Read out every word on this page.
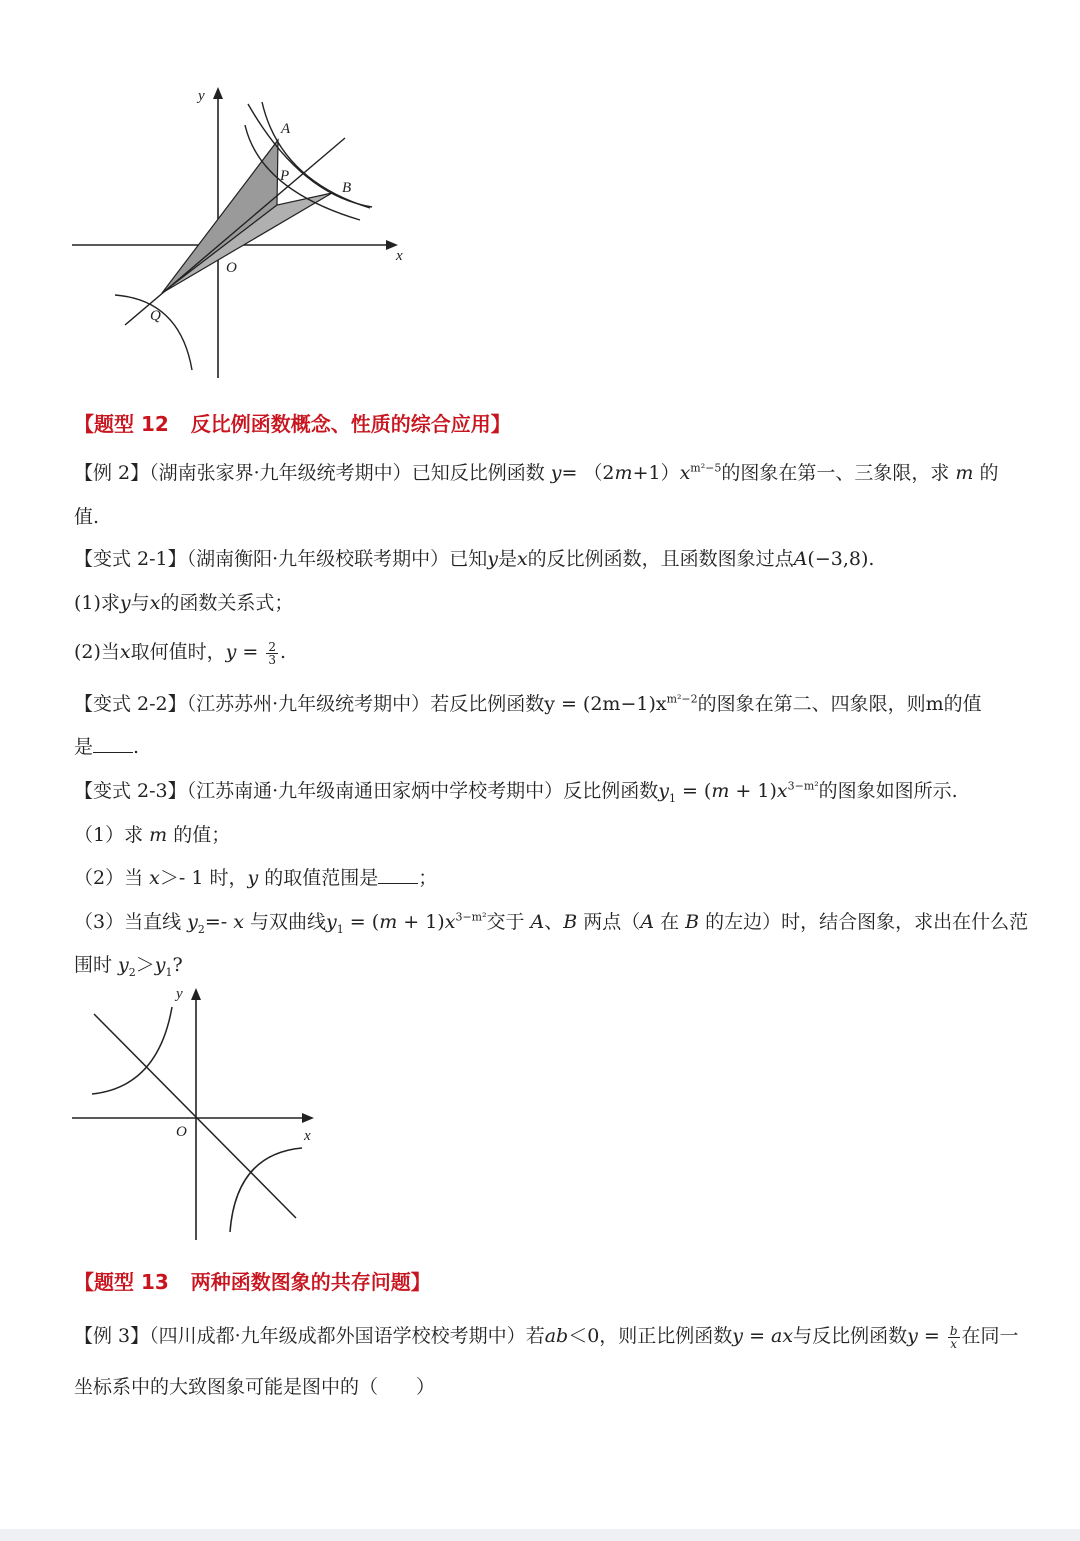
y
x
O
A
B
P
Q
【题型 12 反比例函数概念、性质的综合应用】
【例 2】（湖南张家界·九年级统考期中）已知反比例函数 $y= (2m+1)x^{m^2-5}$的图象在第一、三象限，求 m 的
值.
【变式 2-1】（湖南衡阳·九年级校联考期中）已知y是x的反比例函数，且函数图象过点A(−3,8).
(1)求y与x的函数关系式；
(2)当x取何值时，$y = \frac{2}{3}$ .
【变式 2-2】（江苏苏州·九年级统考期中）若反比例函数$y = (2m-1)x^{m^2-2}$的图象在第二、四象限，则m的值
是 .
【变式 2-3】（江苏南通·九年级南通田家炳中学校考期中）反比例函数$y_1 = (m + 1)x^{3-m^2}$的图象如图所示.
（1）求 m 的值；
（2）当 x＞- 1 时，y 的取值范围是 ；
（3）当直线 $y_2=-$ x 与双曲线$y_1 = (m + 1)x^{3-m^2}$交于 A、B 两点（A 在 B 的左边）时，结合图象，求出在什么范
围时 $y_2>y_1$?
y
x
O
【题型 13 两种函数图象的共存问题】
【例 3】（四川成都·九年级成都外国语学校校考期中）若ab＜0，则正比例函数y = ax与反比例函数$y = \frac{b}{x}$ 在同一
坐标系中的大致图象可能是图中的（　　）
